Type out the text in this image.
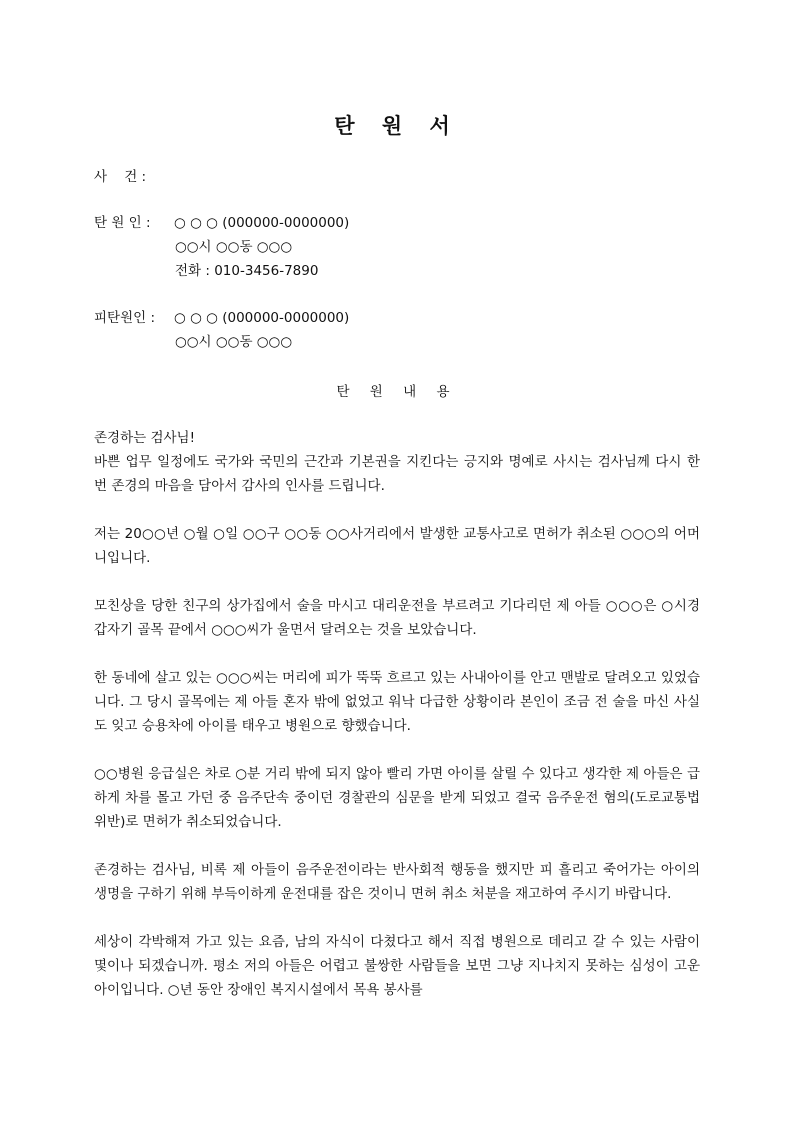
탄 원 서
사    건 :
탄 원 인 : ○ ○ ○ (000000-0000000)
○○시 ○○동 ○○○
전화 : 010-3456-7890
피탄원인 : ○ ○ ○ (000000-0000000)
○○시 ○○동 ○○○
탄 원 내 용

존경하는 검사님!

바쁜 업무 일정에도 국가와 국민의 근간과 기본권을 지킨다는 긍지와 명예로 사시는 검사님께 다시 한 번 존경의 마음을 담아서 감사의 인사를 드립니다.

저는 20○○년 ○월 ○일 ○○구 ○○동 ○○사거리에서 발생한 교통사고로 면허가 취소된 ○○○의 어머니입니다.

모친상을 당한 친구의 상가집에서 술을 마시고 대리운전을 부르려고 기다리던 제 아들 ○○○은 ○시경 갑자기 골목 끝에서 ○○○씨가 울면서 달려오는 것을 보았습니다.

한 동네에 살고 있는 ○○○씨는 머리에 피가 뚝뚝 흐르고 있는 사내아이를 안고 맨발로 달려오고 있었습니다. 그 당시 골목에는 제 아들 혼자 밖에 없었고 워낙 다급한 상황이라 본인이 조금 전 술을 마신 사실도 잊고 승용차에 아이를 태우고 병원으로 향했습니다.

○○병원 응급실은 차로 ○분 거리 밖에 되지 않아 빨리 가면 아이를 살릴 수 있다고 생각한 제 아들은 급하게 차를 몰고 가던 중 음주단속 중이던 경찰관의 심문을 받게 되었고 결국 음주운전 혐의(도로교통법 위반)로 면허가 취소되었습니다.

존경하는 검사님, 비록 제 아들이 음주운전이라는 반사회적 행동을 했지만 피 흘리고 죽어가는 아이의 생명을 구하기 위해 부득이하게 운전대를 잡은 것이니 면허 취소 처분을 재고하여 주시기 바랍니다.

세상이 각박해져 가고 있는 요즘, 남의 자식이 다쳤다고 해서 직접 병원으로 데리고 갈 수 있는 사람이 몇이나 되겠습니까. 평소 저의 아들은 어렵고 불쌍한 사람들을 보면 그냥 지나치지 못하는 심성이 고운 아이입니다. ○년 동안 장애인 복지시설에서 목욕 봉사를
